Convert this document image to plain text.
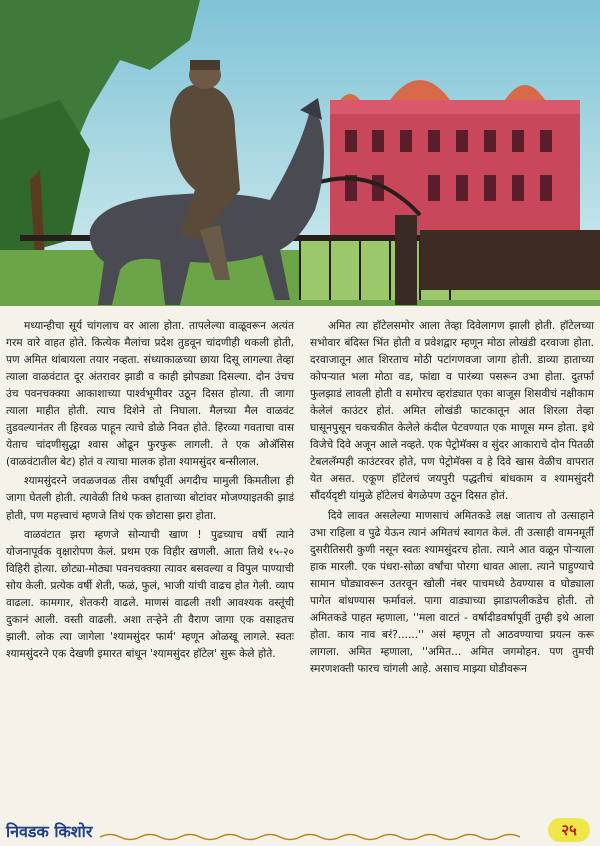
मध्यान्हीचा सूर्य चांगलाच वर आला होता. तापलेल्या वाळूवरून अत्यंत गरम वारे वाहत होते. कित्येक मैलांचा प्रदेश तुडवून चांदणीही थकली होती, पण अमित थांबायला तयार नव्हता. संध्याकाळच्या छाया दिसू लागल्या तेव्हा त्याला वाळवंटात दूर अंतरावर झाडी व काही झोपड्या दिसल्या. दोन उंचच उंच पवनचक्क्या आकाशाच्या पार्श्वभूमीवर उठून दिसत होत्या. ती जागा त्याला माहीत होती. त्याच दिशेने तो निघाला. मैलच्या मैल वाळवंट तुडवल्यानंतर ती हिरवळ पाहून त्याचे डोळे निवत होते. हिरव्या गवताचा वास येताच चांदणीसुद्धा श्वास ओढून फुरफुरू लागली. ते एक ओॲसिस (वाळवंटातील बेट) होतं व त्याचा मालक होता श्यामसुंदर बन्सीलाल.

श्यामसुंदरने जवळजवळ तीस वर्षांपूर्वी अगदीच मामुली किमतीला ही जागा घेतली होती. त्यावेळी तिथे फक्त हाताच्या बोटांवर मोजण्याइतकी झाडं होती, पण महत्त्वाचं म्हणजे तिथं एक छोटासा झरा होता.

वाळवंटात झरा म्हणजे सोन्याची खाण ! पुढच्याच वर्षी त्याने योजनापूर्वक वृक्षारोपण केलं. प्रथम एक विहीर खणली. आता तिथे १५-२० विहिरी होत्या. छोट्या-मोठ्या पवनचक्क्या त्यावर बसवल्या व विपुल पाण्याची सोय केली. प्रत्येक वर्षी शेती, फळं, फुलं, भाजी यांची वाढच होत गेली. व्याप वाढला. कामगार, शेतकरी वाढले. माणसं वाढली तशी आवश्यक वस्तूंची दुकानं आली. वस्ती वाढली. अशा तऱ्हेने ती वैराण जागा एक वसाहतच झाली. लोक त्या जागेला 'श्यामसुंदर फार्म' म्हणून ओळखू लागले. स्वतः श्यामसुंदरने एक देखणी इमारत बांधून 'श्यामसुंदर हॉटेल' सुरू केले होते.

अमित त्या हॉटेलसमोर आला तेव्हा दिवेलागण झाली होती. हॉटेलच्या सभोवार बंदिस्त भिंत होती व प्रवेशद्वार म्हणून मोठा लोखंडी दरवाजा होता. दरवाजातून आत शिरताच मोठी पटांगणवजा जागा होती. डाव्या हाताच्या कोपऱ्यात भला मोठा वड, फांद्या व पारंब्या पसरून उभा होता. दुतर्फा फुलझाडं लावली होती व समोरच व्हरांड्यात एका बाजूस शिसवीचं नक्षीकाम केलेलं काउंटर होतं. अमित लोखंडी फाटकातून आत शिरला तेव्हा घासूनपुसून चकचकीत केलेले कंदील पेटवण्यात एक माणूस मग्न होता. इथे विजेचे दिवे अजून आले नव्हते. एक पेट्रोमॅक्स व सुंदर आकाराचे दोन पितळी टेबललॅम्पही काउंटरवर होते, पण पेट्रोमॅक्स व हे दिवे खास वेळीच वापरात येत असत. एकूण हॉटेलचं जयपुरी पद्धतीचं बांधकाम व श्यामसुंदरी सौंदर्यदृष्टी यांमुळे हॉटेलचं बेगळेपण उठून दिसत होतं.

दिवे लावत असलेल्या माणसाचं अमितकडे लक्ष जाताच तो उत्साहाने उभा राहिला व पुढे येऊन त्यानं अमितचं स्वागत केलं. ती उत्साही वामनमूर्ती दुसरीतिसरी कुणी नसून स्वतः श्यामसुंदरच होता. त्याने आत वळून पोऱ्याला हाक मारली. एक पंधरा-सोळा वर्षांचा पोरगा धावत आला. त्याने पाहुण्याचे सामान घोड्यावरून उतरवून खोली नंबर पाचमध्ये ठेवण्यास व घोड्याला पागेत बांधण्यास फर्मावलं. पागा वाड्याच्या झाडापलीकडेच होती. तो अमितकडे पाहत म्हणाला, ''मला वाटतं - वर्षादीडवर्षापूर्वी तुम्ही इथे आला होता. काय नाव बरं?......'' असं म्हणून तो आठवण्याचा प्रयत्न करू लागला. अमित म्हणाला, ''अमित... अमित जगमोहन. पण तुमची स्मरणशक्ती फारच चांगली आहे. असाच माझ्या घोडीवरून

निवडक किशोर	२५
